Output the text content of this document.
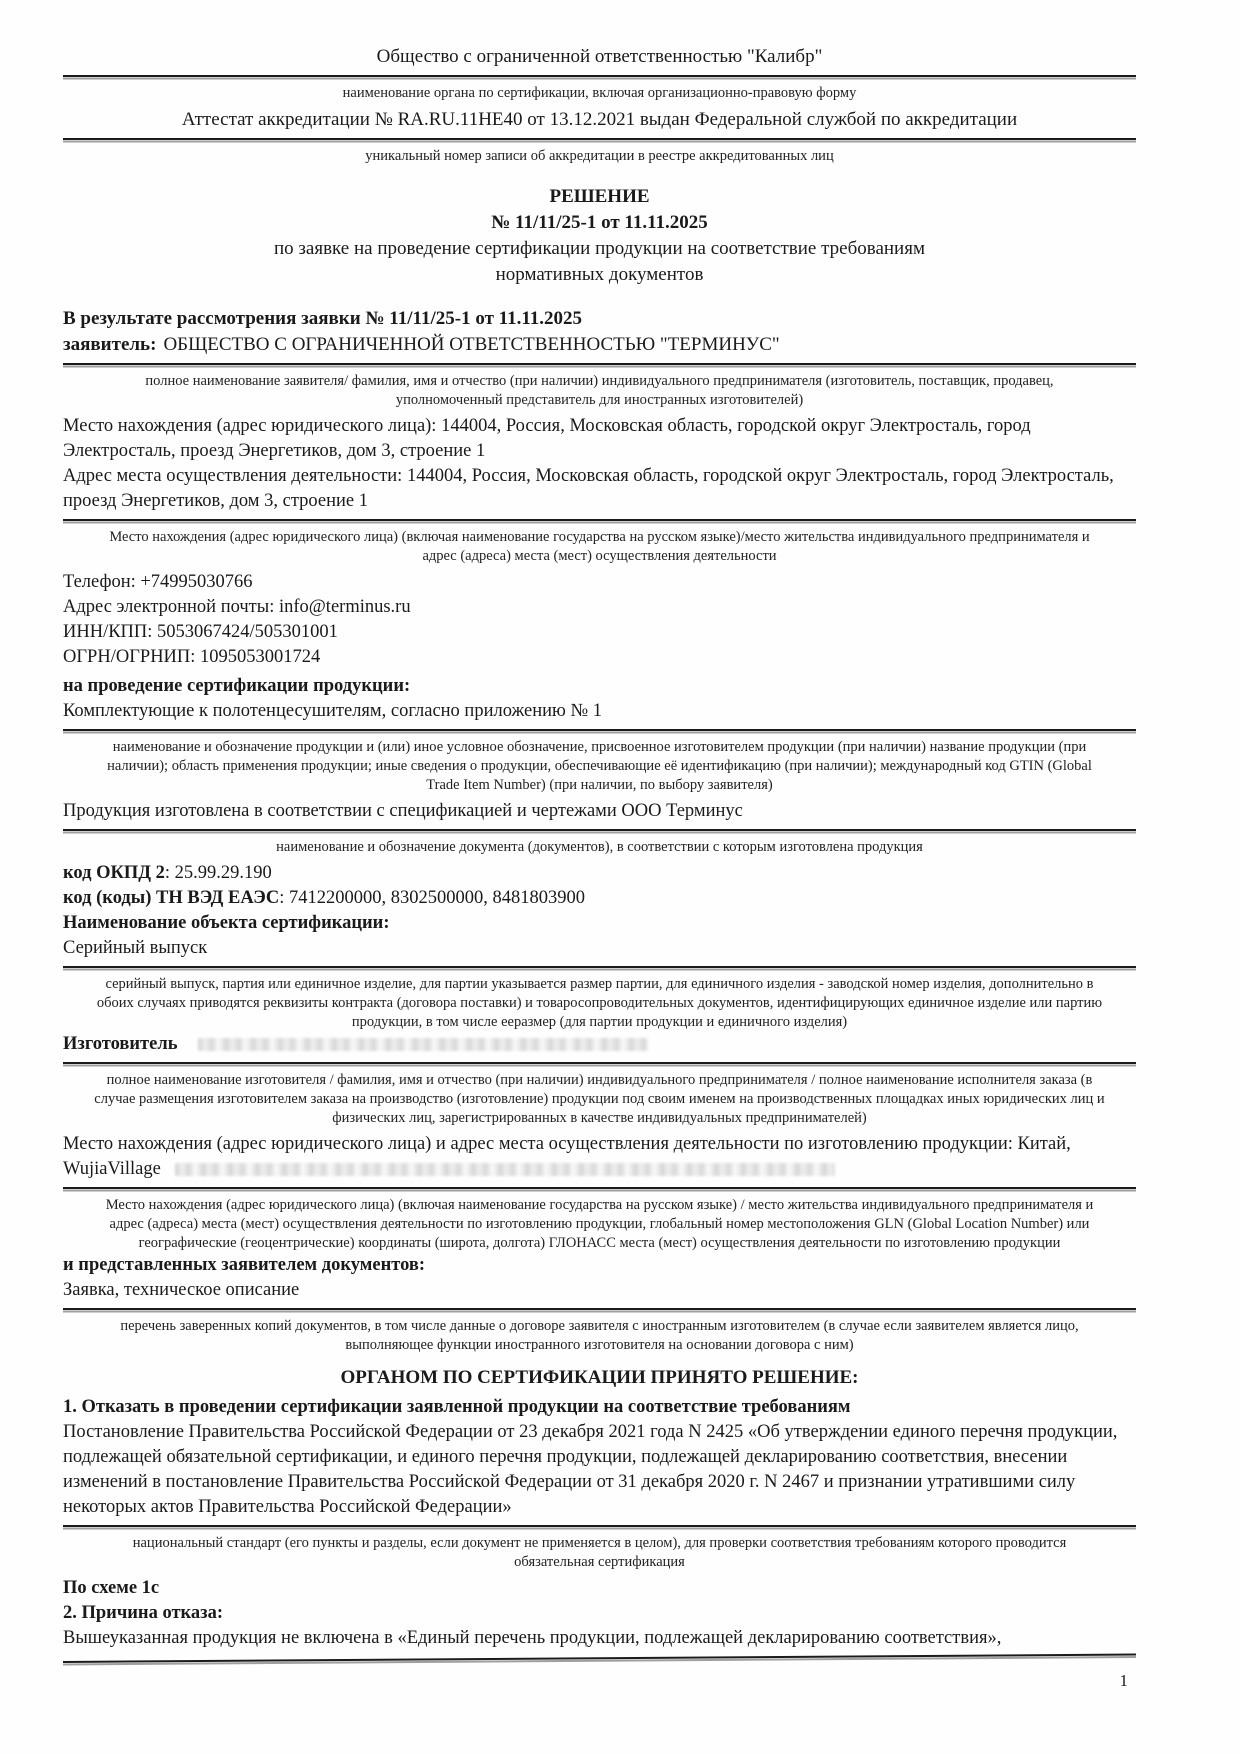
Общество с ограниченной ответственностью "Калибр"

наименование органа по сертификации, включая организационно-правовую форму

Аттестат аккредитации № RA.RU.11НЕ40 от 13.12.2021 выдан Федеральной службой по аккредитации

уникальный номер записи об аккредитации в реестре аккредитованных лиц

РЕШЕНИЕ

№ 11/11/25-1 от 11.11.2025

по заявке на проведение сертификации продукции на соответствие требованиям

нормативных документов

В результате рассмотрения заявки № 11/11/25-1 от 11.11.2025

заявитель: ОБЩЕСТВО С ОГРАНИЧЕННОЙ ОТВЕТСТВЕННОСТЬЮ "ТЕРМИНУС"

полное наименование заявителя/ фамилия, имя и отчество (при наличии) индивидуального предпринимателя (изготовитель, поставщик, продавец, уполномоченный представитель для иностранных изготовителей)

Место нахождения (адрес юридического лица): 144004, Россия, Московская область, городской округ Электросталь, город Электросталь, проезд Энергетиков, дом 3, строение 1

Адрес места осуществления деятельности: 144004, Россия, Московская область, городской округ Электросталь, город Электросталь, проезд Энергетиков, дом 3, строение 1

Место нахождения (адрес юридического лица) (включая наименование государства на русском языке)/место жительства индивидуального предпринимателя и адрес (адреса) места (мест) осуществления деятельности

Телефон: +74995030766

Адрес электронной почты: info@terminus.ru

ИНН/КПП: 5053067424/505301001

ОГРН/ОГРНИП: 1095053001724

на проведение сертификации продукции:

Комплектующие к полотенцесушителям, согласно приложению № 1

наименование и обозначение продукции и (или) иное условное обозначение, присвоенное изготовителем продукции (при наличии) название продукции (при наличии); область применения продукции; иные сведения о продукции, обеспечивающие её идентификацию (при наличии); международный код GTIN (Global Trade Item Number) (при наличии, по выбору заявителя)

Продукция изготовлена в соответствии с спецификацией и чертежами ООО Терминус

наименование и обозначение документа (документов), в соответствии с которым изготовлена продукция

код ОКПД 2: 25.99.29.190

код (коды) ТН ВЭД ЕАЭС: 7412200000, 8302500000, 8481803900

Наименование объекта сертификации:

Серийный выпуск

серийный выпуск, партия или единичное изделие, для партии указывается размер партии, для единичного изделия - заводской номер изделия, дополнительно в обоих случаях приводятся реквизиты контракта (договора поставки) и товаросопроводительных документов, идентифицирующих единичное изделие или партию продукции, в том числе ееразмер (для партии продукции и единичного изделия)

Изготовитель

полное наименование изготовителя / фамилия, имя и отчество (при наличии) индивидуального предпринимателя / полное наименование исполнителя заказа (в случае размещения изготовителем заказа на производство (изготовление) продукции под своим именем на производственных площадках иных юридических лиц и физических лиц, зарегистрированных в качестве индивидуальных предпринимателей)

Место нахождения (адрес юридического лица) и адрес места осуществления деятельности по изготовлению продукции: Китай, WujiaVillage

Место нахождения (адрес юридического лица) (включая наименование государства на русском языке) / место жительства индивидуального предпринимателя и адрес (адреса) места (мест) осуществления деятельности по изготовлению продукции, глобальный номер местоположения GLN (Global Location Number) или географические (геоцентрические) координаты (широта, долгота) ГЛОНАСС места (мест) осуществления деятельности по изготовлению продукции

и представленных заявителем документов:

Заявка, техническое описание

перечень заверенных копий документов, в том числе данные о договоре заявителя с иностранным изготовителем (в случае если заявителем является лицо, выполняющее функции иностранного изготовителя на основании договора с ним)

ОРГАНОМ ПО СЕРТИФИКАЦИИ ПРИНЯТО РЕШЕНИЕ:

1. Отказать в проведении сертификации заявленной продукции на соответствие требованиям

Постановление Правительства Российской Федерации от 23 декабря 2021 года N 2425 «Об утверждении единого перечня продукции, подлежащей обязательной сертификации, и единого перечня продукции, подлежащей декларированию соответствия, внесении изменений в постановление Правительства Российской Федерации от 31 декабря 2020 г. N 2467 и признании утратившими силу некоторых актов Правительства Российской Федерации»

национальный стандарт (его пункты и разделы, если документ не применяется в целом), для проверки соответствия требованиям которого проводится обязательная сертификация

По схеме 1с

2. Причина отказа:

Вышеуказанная продукция не включена в «Единый перечень продукции, подлежащей декларированию соответствия»,

1
